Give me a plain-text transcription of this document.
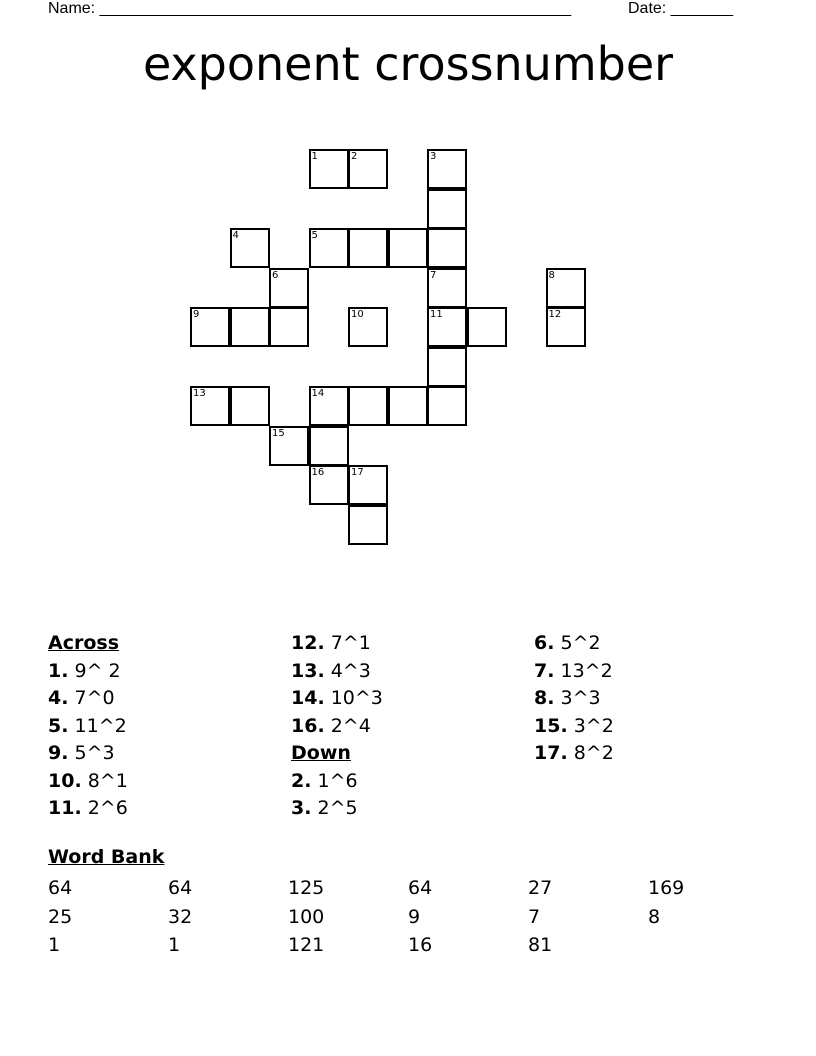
Name: _____________________________________________________	Date: _______
exponent crossnumber
1	2	3
4	5
6	7	8
9	10	11	12
13	14
15
16	17
Across
1. 9^ 2
4. 7^0
5. 11^2
9. 5^3
10. 8^1
11. 2^6
12. 7^1
13. 4^3
14. 10^3
16. 2^4
Down
2. 1^6
3. 2^5
6. 5^2
7. 13^2
8. 3^3
15. 3^2
17. 8^2
Word Bank
64	64	125	64	27	169
25	32	100	9	7	8
1	1	121	16	81
